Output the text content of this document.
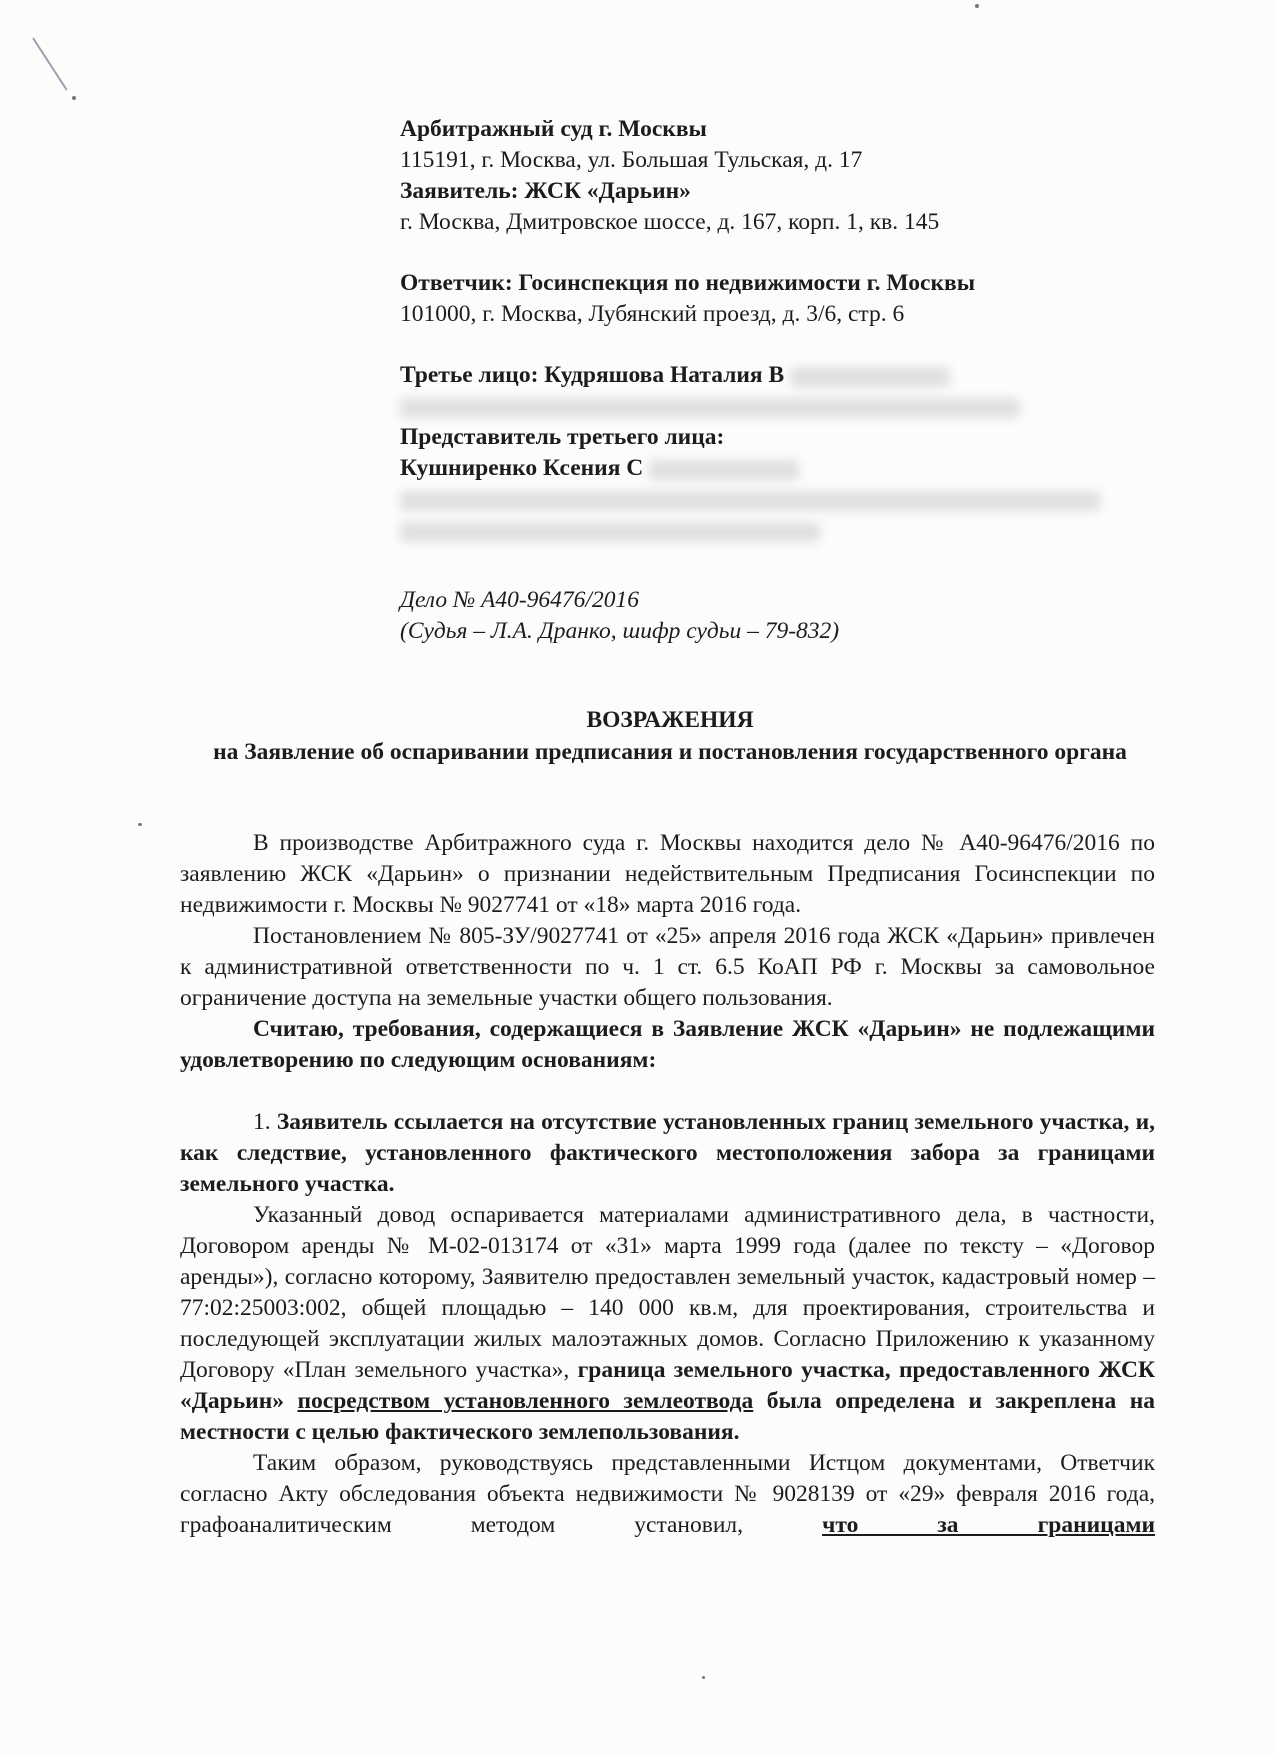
Арбитражный суд г. Москвы
115191, г. Москва, ул. Большая Тульская, д. 17
Заявитель: ЖСК «Дарьин»
г. Москва, Дмитровское шоссе, д. 167, корп. 1, кв. 145
Ответчик: Госинспекция по недвижимости г. Москвы
101000, г. Москва, Лубянский проезд, д. 3/6, стр. 6
Третье лицо: Кудряшова Наталия В
Представитель третьего лица:
Кушниренко Ксения С
Дело № А40-96476/2016
(Судья – Л.А. Дранко, шифр судьи – 79-832)
ВОЗРАЖЕНИЯ
на Заявление об оспаривании предписания и постановления государственного органа

В производстве Арбитражного суда г. Москвы находится дело № А40-96476/2016 по заявлению ЖСК «Дарьин» о признании недействительным Предписания Госинспекции по недвижимости г. Москвы № 9027741 от «18» марта 2016 года.

Постановлением № 805-ЗУ/9027741 от «25» апреля 2016 года ЖСК «Дарьин» привлечен к административной ответственности по ч. 1 ст. 6.5 КоАП РФ г. Москвы за самовольное ограничение доступа на земельные участки общего пользования.

Считаю, требования, содержащиеся в Заявление ЖСК «Дарьин» не подлежащими удовлетворению по следующим основаниям:

1. Заявитель ссылается на отсутствие установленных границ земельного участка, и, как следствие, установленного фактического местоположения забора за границами земельного участка.

Указанный довод оспаривается материалами административного дела, в частности, Договором аренды № М-02-013174 от «31» марта 1999 года (далее по тексту – «Договор аренды»), согласно которому, Заявителю предоставлен земельный участок, кадастровый номер – 77:02:25003:002, общей площадью – 140 000 кв.м, для проектирования, строительства и последующей эксплуатации жилых малоэтажных домов. Согласно Приложению к указанному Договору «План земельного участка», граница земельного участка, предоставленного ЖСК «Дарьин» посредством установленного землеотвода была определена и закреплена на местности с целью фактического землепользования.

Таким образом, руководствуясь представленными Истцом документами, Ответчик согласно Акту обследования объекта недвижимости № 9028139 от «29» февраля 2016 года, графоаналитическим методом установил, что за границами
